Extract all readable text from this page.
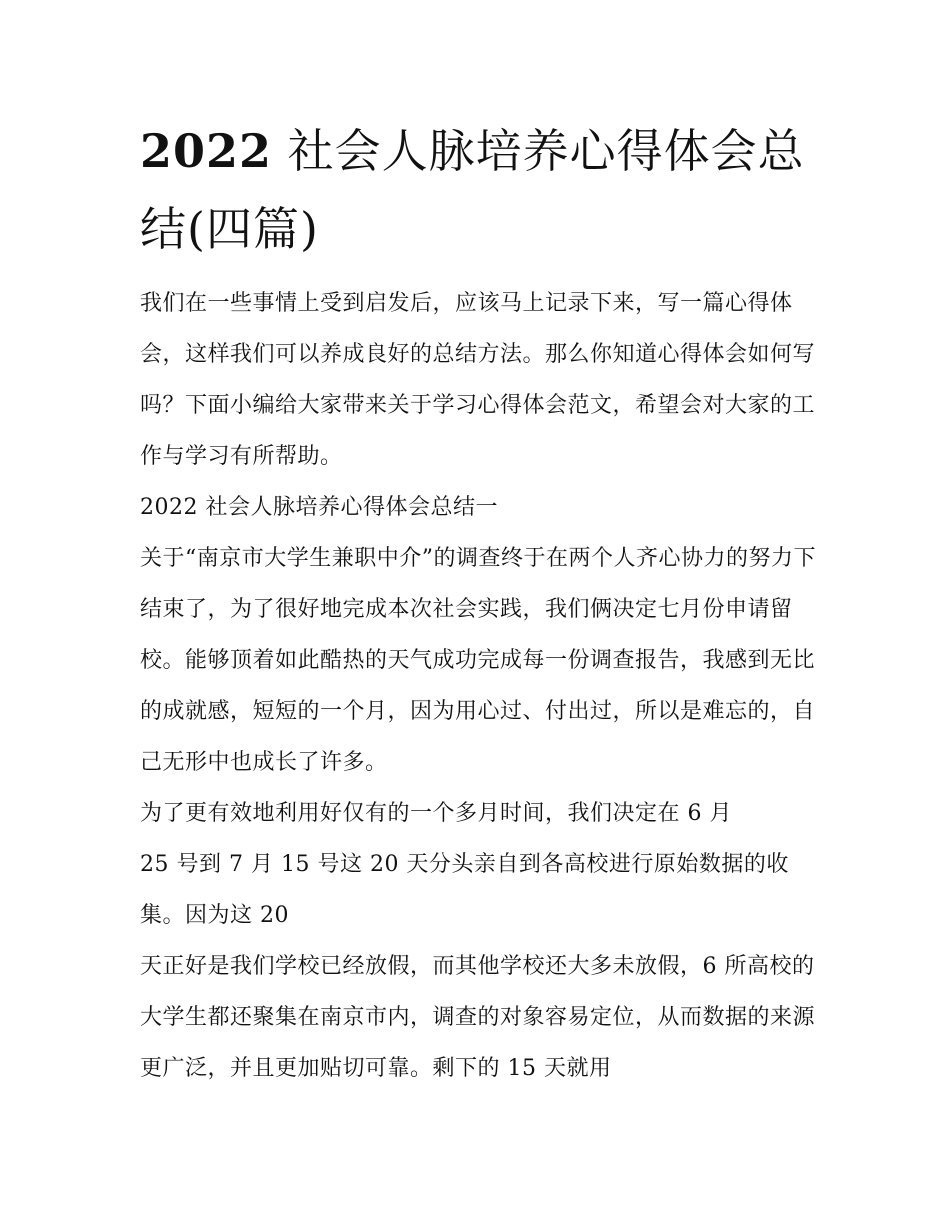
2022 社会人脉培养心得体会总结(四篇)

我们在一些事情上受到启发后，应该马上记录下来，写一篇心得体会，这样我们可以养成良好的总结方法。那么你知道心得体会如何写吗？下面小编给大家带来关于学习心得体会范文，希望会对大家的工作与学习有所帮助。

2022 社会人脉培养心得体会总结一

关于“南京市大学生兼职中介”的调查终于在两个人齐心协力的努力下结束了，为了很好地完成本次社会实践，我们俩决定七月份申请留校。能够顶着如此酷热的天气成功完成每一份调查报告，我感到无比的成就感，短短的一个月，因为用心过、付出过，所以是难忘的，自己无形中也成长了许多。

为了更有效地利用好仅有的一个多月时间，我们决定在 6 月

25 号到 7 月 15 号这 20 天分头亲自到各高校进行原始数据的收集。因为这 20

天正好是我们学校已经放假，而其他学校还大多未放假，6 所高校的大学生都还聚集在南京市内，调查的对象容易定位，从而数据的来源更广泛，并且更加贴切可靠。剩下的 15 天就用
